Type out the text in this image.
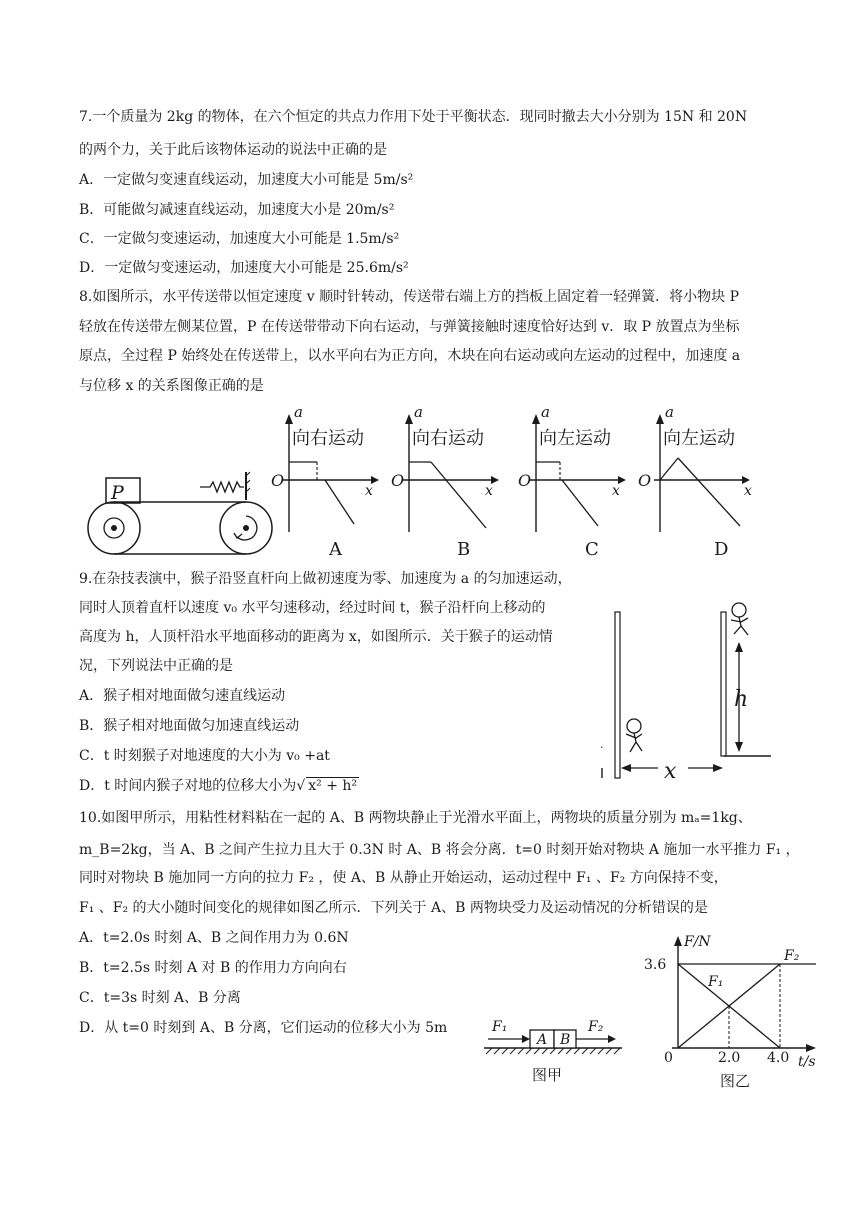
7.一个质量为 2kg 的物体，在六个恒定的共点力作用下处于平衡状态．现同时撤去大小分别为 15N 和 20N
的两个力，关于此后该物体运动的说法中正确的是
A．一定做匀变速直线运动，加速度大小可能是 5m/s²
B．可能做匀减速直线运动，加速度大小是 20m/s²
C．一定做匀变速运动，加速度大小可能是 1.5m/s²
D．一定做匀变速运动，加速度大小可能是 25.6m/s²
8.如图所示，水平传送带以恒定速度 v 顺时针转动，传送带右端上方的挡板上固定着一轻弹簧．将小物块 P
轻放在传送带左侧某位置，P 在传送带带动下向右运动，与弹簧接触时速度恰好达到 v．取 P 放置点为坐标
原点，全过程 P 始终处在传送带上，以水平向右为正方向，木块在向右运动或向左运动的过程中，加速度 a
与位移 x 的关系图像正确的是
P
a
O
x
向右运动
A
a
O
x
向右运动
B
a
O
x
向左运动
C
a
O
x
向左运动
D
9.在杂技表演中，猴子沿竖直杆向上做初速度为零、加速度为 a 的匀加速运动，
同时人顶着直杆以速度 v₀ 水平匀速移动，经过时间 t，猴子沿杆向上移动的
高度为 h，人顶杆沿水平地面移动的距离为 x，如图所示．关于猴子的运动情
况，下列说法中正确的是
A．猴子相对地面做匀速直线运动
B．猴子相对地面做匀加速直线运动
C．t 时刻猴子对地速度的大小为 v₀ +at
D．t 时间内猴子对地的位移大小为√ x² + h²
.
h
x
10.如图甲所示，用粘性材料粘在一起的 A、B 两物块静止于光滑水平面上，两物块的质量分别为 mₐ=1kg、
m_B=2kg，当 A、B 之间产生拉力且大于 0.3N 时 A、B 将会分离．t=0 时刻开始对物块 A 施加一水平推力 F₁ ，
同时对物块 B 施加同一方向的拉力 F₂ ，使 A、B 从静止开始运动，运动过程中 F₁ 、F₂ 方向保持不变，
F₁ 、F₂ 的大小随时间变化的规律如图乙所示．下列关于 A、B 两物块受力及运动情况的分析错误的是
A．t=2.0s 时刻 A、B 之间作用力为 0.6N
B．t=2.5s 时刻 A 对 B 的作用力方向向右
C．t=3s 时刻 A、B 分离
D．从 t=0 时刻到 A、B 分离，它们运动的位移大小为 5m
A B
F₁	F₂
图甲
F/N
t/s
3.6
0	2.0 4.0
F₁
F₂
图乙
